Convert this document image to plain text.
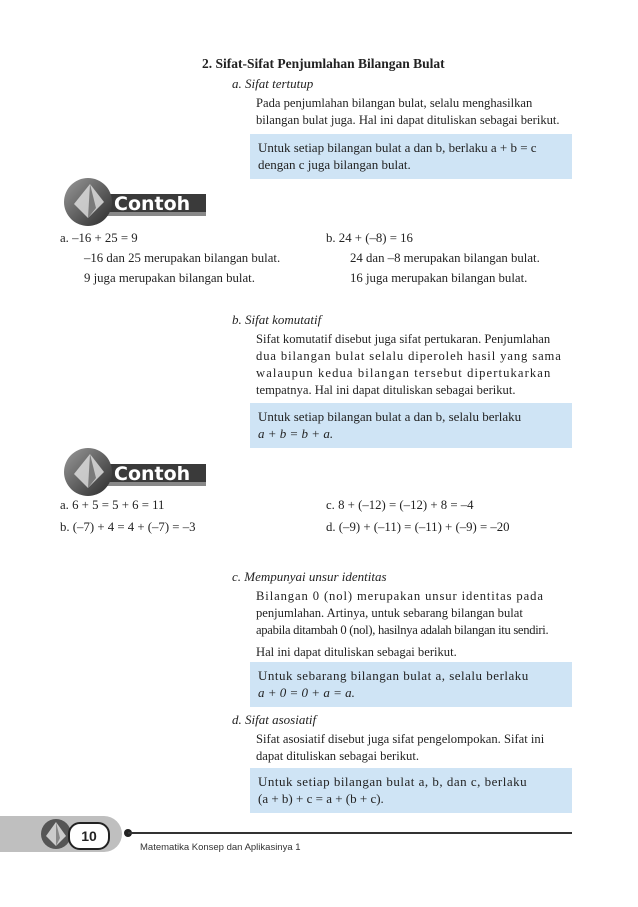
2. Sifat-Sifat Penjumlahan Bilangan Bulat
a. Sifat tertutup

Pada penjumlahan bilangan bulat, selalu menghasilkan

bilangan bulat juga. Hal ini dapat dituliskan sebagai berikut.

Untuk setiap bilangan bulat a dan b, berlaku a + b = c

dengan c juga bilangan bulat.

Contoh

a. –16 + 25 = 9

–16 dan 25 merupakan bilangan bulat.

9 juga merupakan bilangan bulat.

b. 24 + (–8) = 16

24 dan –8 merupakan bilangan bulat.

16 juga merupakan bilangan bulat.

b. Sifat komutatif

Sifat komutatif disebut juga sifat pertukaran. Penjumlahan

dua bilangan bulat selalu diperoleh hasil yang sama

walaupun kedua bilangan tersebut dipertukarkan

tempatnya. Hal ini dapat dituliskan sebagai berikut.

Untuk setiap bilangan bulat a dan b, selalu berlaku

a + b = b + a.

Contoh

a. 6 + 5 = 5 + 6 = 11

b. (–7) + 4 = 4 + (–7) = –3

c. 8 + (–12) = (–12) + 8 = –4

d. (–9) + (–11) = (–11) + (–9) = –20

c. Mempunyai unsur identitas

Bilangan 0 (nol) merupakan unsur identitas pada

penjumlahan. Artinya, untuk sebarang bilangan bulat

apabila ditambah 0 (nol), hasilnya adalah bilangan itu sendiri.

Hal ini dapat dituliskan sebagai berikut.

Untuk sebarang bilangan bulat a, selalu berlaku

a + 0 = 0 + a = a.

d. Sifat asosiatif

Sifat asosiatif disebut juga sifat pengelompokan. Sifat ini

dapat dituliskan sebagai berikut.

Untuk setiap bilangan bulat a, b, dan c, berlaku

(a + b) + c = a + (b + c).

10
Matematika Konsep dan Aplikasinya 1
